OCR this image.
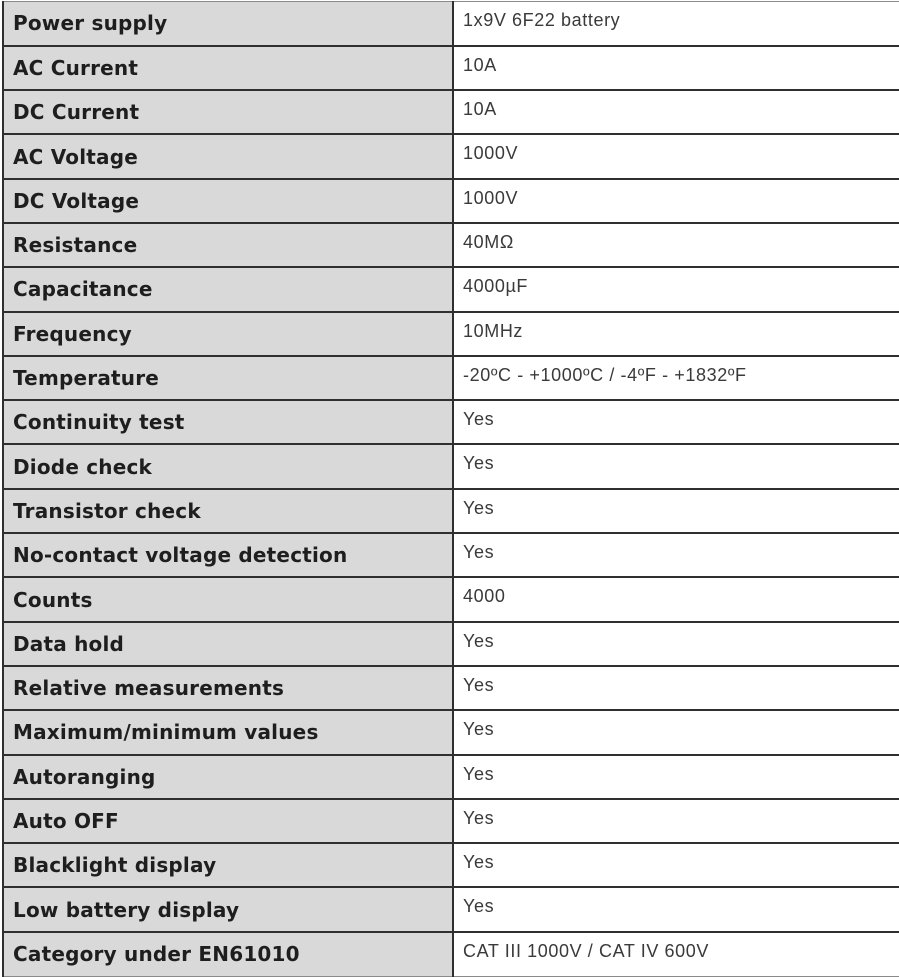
Power supply	1x9V 6F22 battery
AC Current	10A
DC Current	10A
AC Voltage	1000V
DC Voltage	1000V
Resistance	40MΩ
Capacitance	4000µF
Frequency	10MHz
Temperature	-20ºC - +1000ºC / -4ºF - +1832ºF
Continuity test	Yes
Diode check	Yes
Transistor check	Yes
No-contact voltage detection	Yes
Counts	4000
Data hold	Yes
Relative measurements	Yes
Maximum/minimum values	Yes
Autoranging	Yes
Auto OFF	Yes
Blacklight display	Yes
Low battery display	Yes
Category under EN61010	CAT III 1000V / CAT IV 600V
